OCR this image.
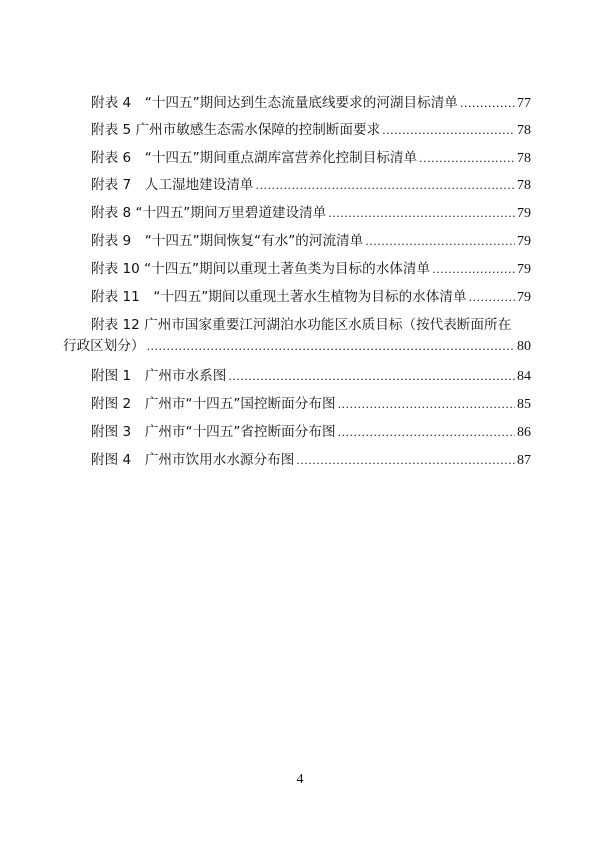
附表 4　“十四五”期间达到生态流量底线要求的河湖目标清单 .....	77
附表 5 广州市敏感生态需水保障的控制断面要求 .....	78
附表 6　“十四五”期间重点湖库富营养化控制目标清单 .....	78
附表 7　人工湿地建设清单 .....	78
附表 8 “十四五”期间万里碧道建设清单 .....	79
附表 9　“十四五”期间恢复“有水”的河流清单 .....	79
附表 10 “十四五”期间以重现土著鱼类为目标的水体清单 .....	79
附表 11　“十四五”期间以重现土著水生植物为目标的水体清单 .....	79
附表 12 广州市国家重要江河湖泊水功能区水质目标（按代表断面所在
行政区划分） .....	80
附图 1　广州市水系图 .....	84
附图 2　广州市“十四五”国控断面分布图 .....	85
附图 3　广州市“十四五”省控断面分布图 .....	86
附图 4　广州市饮用水水源分布图 .....	87
4
